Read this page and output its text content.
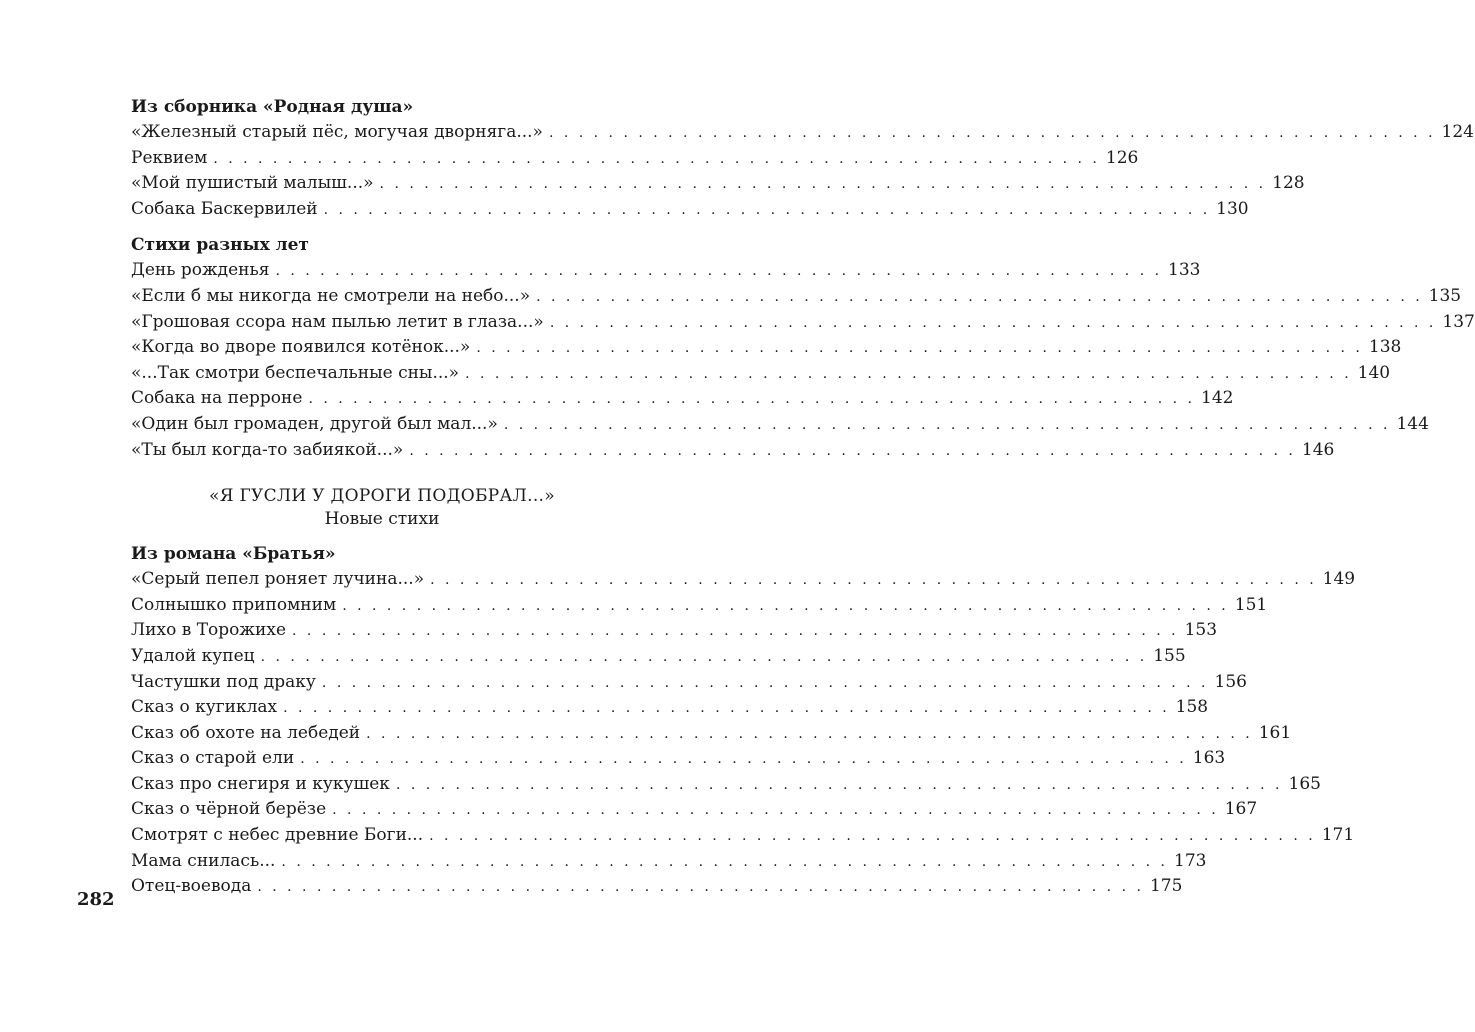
Из сборника «Родная душа»
«Железный старый пёс, могучая дворняга...» . . . . . . . . . . . . . . . . . . . . . . . . . . . . . . . . . . . . . . . . . . . . . . . . . . . . . . . . . . . . 124
Реквием . . . . . . . . . . . . . . . . . . . . . . . . . . . . . . . . . . . . . . . . . . . . . . . . . . . . . . . . . . . . 126
«Мой пушистый малыш...» . . . . . . . . . . . . . . . . . . . . . . . . . . . . . . . . . . . . . . . . . . . . . . . . . . . . . . . . . . . . 128
Собака Баскервилей . . . . . . . . . . . . . . . . . . . . . . . . . . . . . . . . . . . . . . . . . . . . . . . . . . . . . . . . . . . . 130
Стихи разных лет
День рожденья . . . . . . . . . . . . . . . . . . . . . . . . . . . . . . . . . . . . . . . . . . . . . . . . . . . . . . . . . . . . 133
«Если б мы никогда не смотрели на небо...» . . . . . . . . . . . . . . . . . . . . . . . . . . . . . . . . . . . . . . . . . . . . . . . . . . . . . . . . . . . . 135
«Грошовая ссора нам пылью летит в глаза...» . . . . . . . . . . . . . . . . . . . . . . . . . . . . . . . . . . . . . . . . . . . . . . . . . . . . . . . . . . . . 137
«Когда во дворе появился котёнок...» . . . . . . . . . . . . . . . . . . . . . . . . . . . . . . . . . . . . . . . . . . . . . . . . . . . . . . . . . . . . 138
«...Так смотри беспечальные сны...» . . . . . . . . . . . . . . . . . . . . . . . . . . . . . . . . . . . . . . . . . . . . . . . . . . . . . . . . . . . . 140
Собака на перроне . . . . . . . . . . . . . . . . . . . . . . . . . . . . . . . . . . . . . . . . . . . . . . . . . . . . . . . . . . . . 142
«Один был громаден, другой был мал...» . . . . . . . . . . . . . . . . . . . . . . . . . . . . . . . . . . . . . . . . . . . . . . . . . . . . . . . . . . . . 144
«Ты был когда-то забиякой...» . . . . . . . . . . . . . . . . . . . . . . . . . . . . . . . . . . . . . . . . . . . . . . . . . . . . . . . . . . . . 146
«Я ГУСЛИ У ДОРОГИ ПОДОБРАЛ...»
Новые стихи
Из романа «Братья»
«Серый пепел роняет лучина...» . . . . . . . . . . . . . . . . . . . . . . . . . . . . . . . . . . . . . . . . . . . . . . . . . . . . . . . . . . . . 149
Солнышко припомним . . . . . . . . . . . . . . . . . . . . . . . . . . . . . . . . . . . . . . . . . . . . . . . . . . . . . . . . . . . . 151
Лихо в Торожихе . . . . . . . . . . . . . . . . . . . . . . . . . . . . . . . . . . . . . . . . . . . . . . . . . . . . . . . . . . . . 153
Удалой купец . . . . . . . . . . . . . . . . . . . . . . . . . . . . . . . . . . . . . . . . . . . . . . . . . . . . . . . . . . . . 155
Частушки под драку . . . . . . . . . . . . . . . . . . . . . . . . . . . . . . . . . . . . . . . . . . . . . . . . . . . . . . . . . . . . 156
Сказ о кугиклах . . . . . . . . . . . . . . . . . . . . . . . . . . . . . . . . . . . . . . . . . . . . . . . . . . . . . . . . . . . . 158
Сказ об охоте на лебедей . . . . . . . . . . . . . . . . . . . . . . . . . . . . . . . . . . . . . . . . . . . . . . . . . . . . . . . . . . . . 161
Сказ о старой ели . . . . . . . . . . . . . . . . . . . . . . . . . . . . . . . . . . . . . . . . . . . . . . . . . . . . . . . . . . . . 163
Сказ про снегиря и кукушек . . . . . . . . . . . . . . . . . . . . . . . . . . . . . . . . . . . . . . . . . . . . . . . . . . . . . . . . . . . . 165
Сказ о чёрной берёзе . . . . . . . . . . . . . . . . . . . . . . . . . . . . . . . . . . . . . . . . . . . . . . . . . . . . . . . . . . . . 167
Смотрят с небес древние Боги... . . . . . . . . . . . . . . . . . . . . . . . . . . . . . . . . . . . . . . . . . . . . . . . . . . . . . . . . . . . . 171
Мама снилась... . . . . . . . . . . . . . . . . . . . . . . . . . . . . . . . . . . . . . . . . . . . . . . . . . . . . . . . . . . . . 173
Отец-воевода . . . . . . . . . . . . . . . . . . . . . . . . . . . . . . . . . . . . . . . . . . . . . . . . . . . . . . . . . . . . 175
282
